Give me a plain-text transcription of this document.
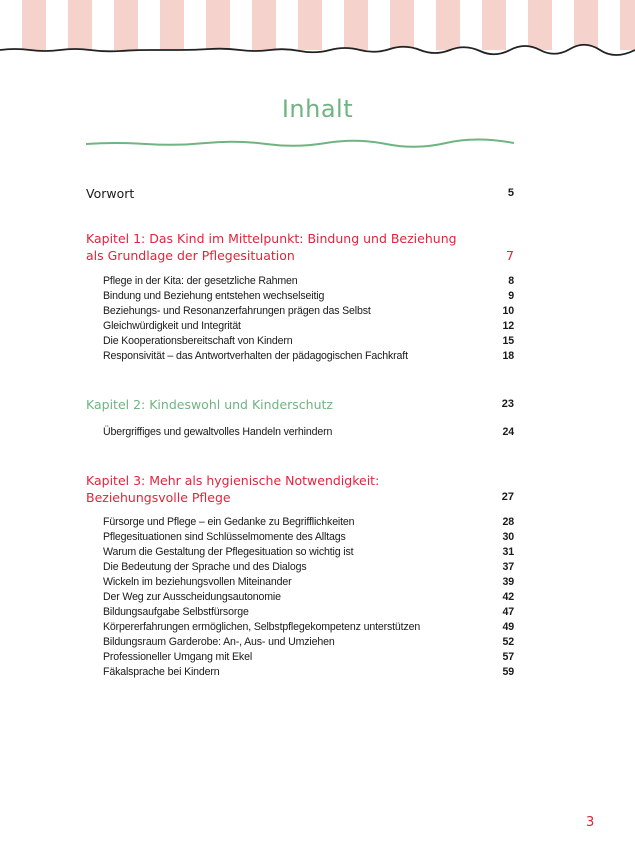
Inhalt
Vorwort	5
Kapitel 1: Das Kind im Mittelpunkt: Bindung und Beziehung
als Grundlage der Pflegesituation	7
Pflege in der Kita: der gesetzliche Rahmen	8
Bindung und Beziehung entstehen wechselseitig	9
Beziehungs- und Resonanzerfahrungen prägen das Selbst	10
Gleichwürdigkeit und Integrität	12
Die Kooperationsbereitschaft von Kindern	15
Responsivität – das Antwortverhalten der pädagogischen Fachkraft	18
Kapitel 2: Kindeswohl und Kinderschutz	23
Übergriffiges und gewaltvolles Handeln verhindern	24
Kapitel 3: Mehr als hygienische Notwendigkeit:
Beziehungsvolle Pflege	27
Fürsorge und Pflege – ein Gedanke zu Begrifflichkeiten	28
Pflegesituationen sind Schlüsselmomente des Alltags	30
Warum die Gestaltung der Pflegesituation so wichtig ist	31
Die Bedeutung der Sprache und des Dialogs	37
Wickeln im beziehungsvollen Miteinander	39
Der Weg zur Ausscheidungsautonomie	42
Bildungsaufgabe Selbstfürsorge	47
Körpererfahrungen ermöglichen, Selbstpflegekompetenz unterstützen	49
Bildungsraum Garderobe: An-, Aus- und Umziehen	52
Professioneller Umgang mit Ekel	57
Fäkalsprache bei Kindern	59
3
